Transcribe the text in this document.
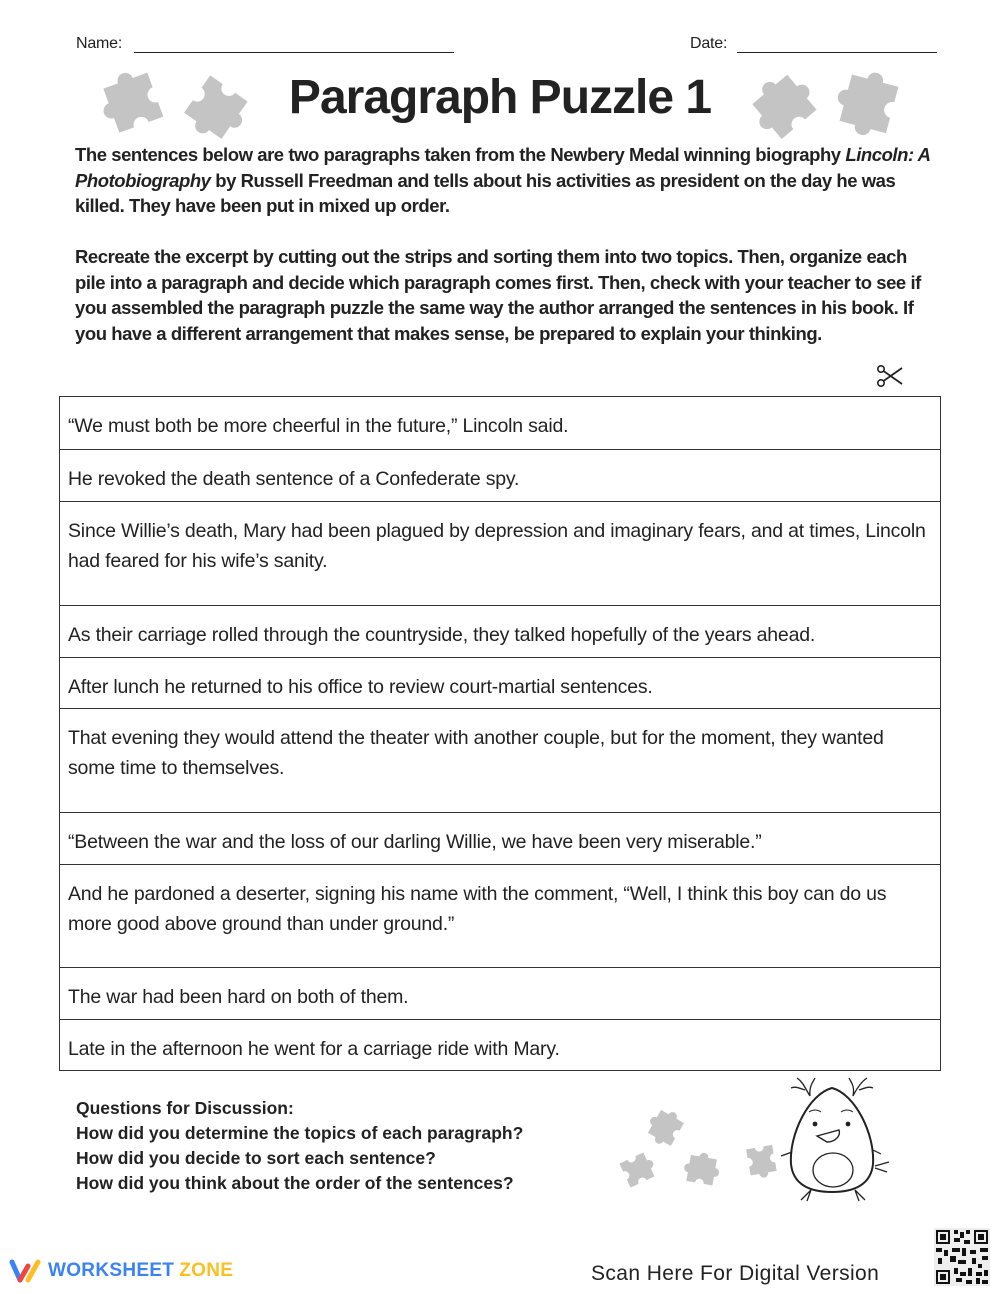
Name:	Date:
Paragraph Puzzle 1
The sentences below are two paragraphs taken from the Newbery Medal winning biography Lincoln: A Photobiography by Russell Freedman and tells about his activities as president on the day he was killed. They have been put in mixed up order.
Recreate the excerpt by cutting out the strips and sorting them into two topics. Then, organize each pile into a paragraph and decide which paragraph comes first. Then, check with your teacher to see if you assembled the paragraph puzzle the same way the author arranged the sentences in his book. If you have a different arrangement that makes sense, be prepared to explain your thinking.
“We must both be more cheerful in the future,” Lincoln said.
He revoked the death sentence of a Confederate spy.
Since Willie’s death, Mary had been plagued by depression and imaginary fears, and at times, Lincoln had feared for his wife’s sanity.
As their carriage rolled through the countryside, they talked hopefully of the years ahead.
After lunch he returned to his office to review court-martial sentences.
That evening they would attend the theater with another couple, but for the moment, they wanted some time to themselves.
“Between the war and the loss of our darling Willie, we have been very miserable.”
And he pardoned a deserter, signing his name with the comment, “Well, I think this boy can do us more good above ground than under ground.”
The war had been hard on both of them.
Late in the afternoon he went for a carriage ride with Mary.
Questions for Discussion:
How did you determine the topics of each paragraph?
How did you decide to sort each sentence?
How did you think about the order of the sentences?
WORKSHEET ZONE	Scan Here For Digital Version
